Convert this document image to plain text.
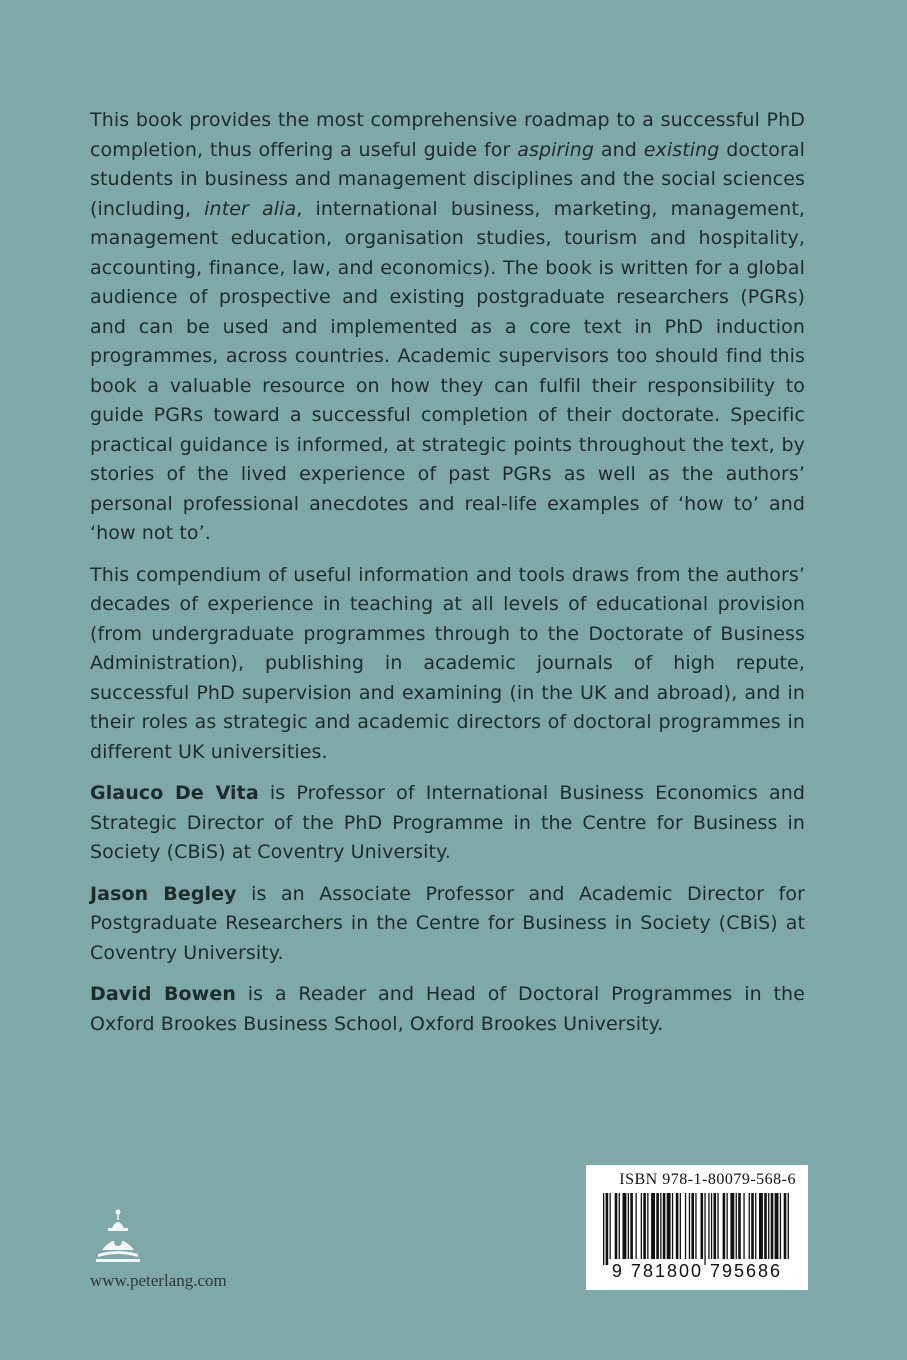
This book provides the most comprehensive roadmap to a successful PhD completion, thus offering a useful guide for aspiring and existing doctoral students in business and management disciplines and the social sciences (including, inter alia, international business, marketing, management, management education, organisation studies, tourism and hospitality, accounting, finance, law, and economics). The book is written for a global audience of prospective and existing postgraduate researchers (PGRs) and can be used and implemented as a core text in PhD induction programmes, across countries. Academic supervisors too should find this book a valuable resource on how they can fulfil their responsibility to guide PGRs toward a successful completion of their doctorate. Specific practical guidance is informed, at strategic points throughout the text, by stories of the lived experience of past PGRs as well as the authors’ personal professional anecdotes and real-life examples of ‘how to’ and ‘how not to’.

This compendium of useful information and tools draws from the authors’ decades of experience in teaching at all levels of educational provision (from undergraduate programmes through to the Doctorate of Business Administration), publishing in academic journals of high repute, successful PhD supervision and examining (in the UK and abroad), and in their roles as strategic and academic directors of doctoral programmes in different UK universities.

Glauco De Vita is Professor of International Business Economics and Strategic Director of the PhD Programme in the Centre for Business in Society (CBiS) at Coventry University.

Jason Begley is an Associate Professor and Academic Director for Postgraduate Researchers in the Centre for Business in Society (CBiS) at Coventry University.

David Bowen is a Reader and Head of Doctoral Programmes in the Oxford Brookes Business School, Oxford Brookes University.

www.peterlang.com
ISBN 978-1-80079-568-6
9 781800 795686
